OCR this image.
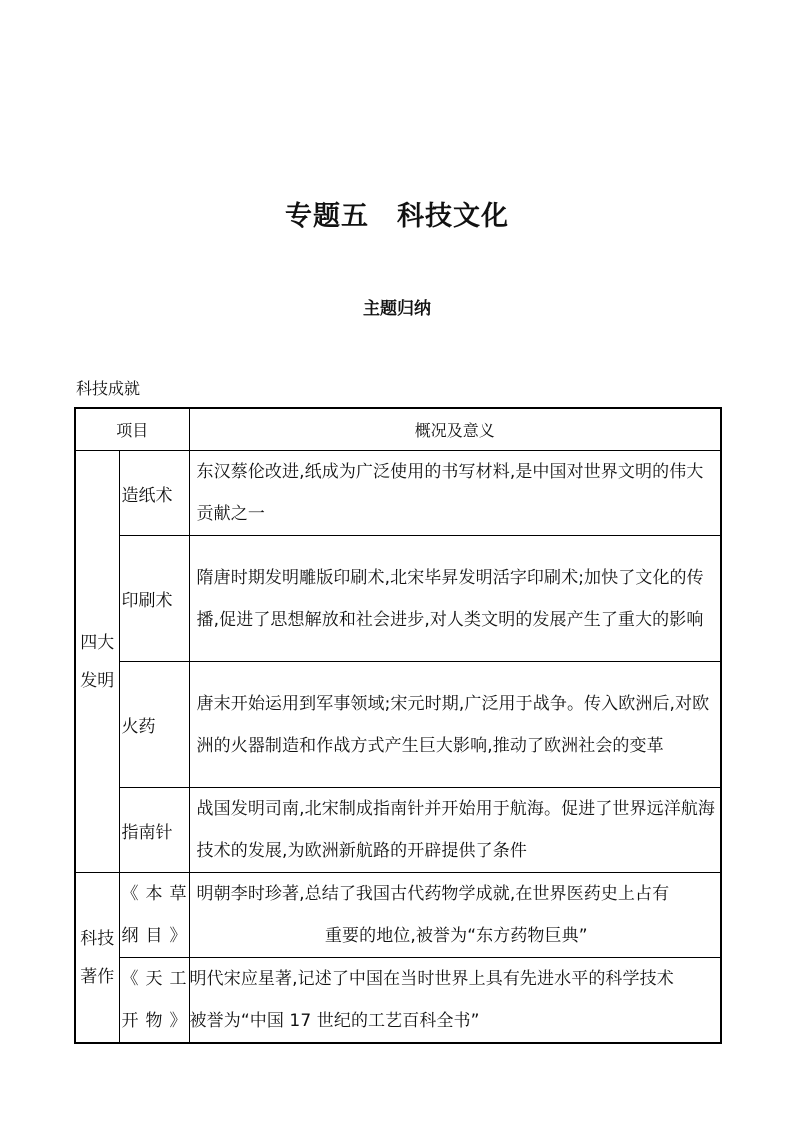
专题五　科技文化
主题归纳
科技成就
项目		概况及意义
四大发明	造纸术	东汉蔡伦改进,纸成为广泛使用的书写材料,是中国对世界文明的伟大贡献之一
	印刷术	隋唐时期发明雕版印刷术,北宋毕昇发明活字印刷术;加快了文化的传播,促进了思想解放和社会进步,对人类文明的发展产生了重大的影响
	火药	唐末开始运用到军事领域;宋元时期,广泛用于战争。传入欧洲后,对欧洲的火器制造和作战方式产生巨大影响,推动了欧洲社会的变革
	指南针	战国发明司南,北宋制成指南针并开始用于航海。促进了世界远洋航海技术的发展,为欧洲新航路的开辟提供了条件
科技著作	《本草纲目》	明朝李时珍著,总结了我国古代药物学成就,在世界医药史上占有
重要的地位,被誉为“东方药物巨典”

	《天工开物》	明代宋应星著,记述了中国在当时世界上具有先进水平的科学技术
被誉为“中国 17 世纪的工艺百科全书”
